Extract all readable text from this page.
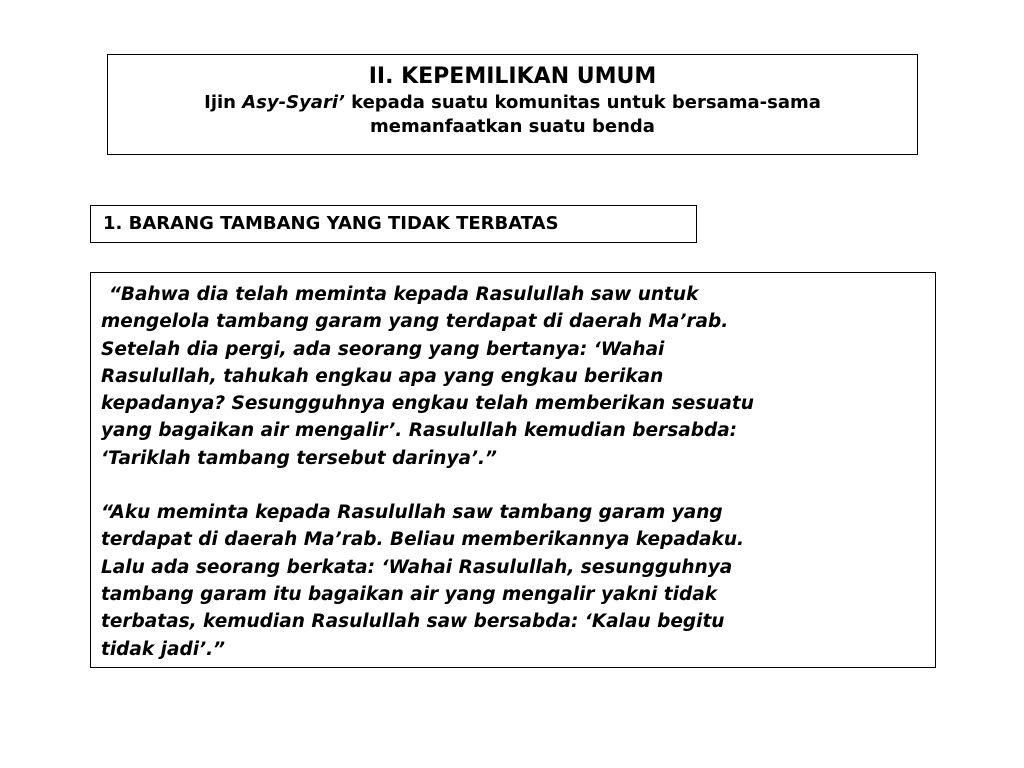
II. KEPEMILIKAN UMUM
Ijin Asy-Syari’ kepada suatu komunitas untuk bersama-sama
memanfaatkan suatu benda
1. BARANG TAMBANG YANG TIDAK TERBATAS

“Bahwa dia telah meminta kepada Rasulullah saw untuk
mengelola tambang garam yang terdapat di daerah Ma’rab.
Setelah dia pergi, ada seorang yang bertanya: ‘Wahai
Rasulullah, tahukah engkau apa yang engkau berikan
kepadanya? Sesungguhnya engkau telah memberikan sesuatu
yang bagaikan air mengalir’. Rasulullah kemudian bersabda:
‘Tariklah tambang tersebut darinya’.”

“Aku meminta kepada Rasulullah saw tambang garam yang
terdapat di daerah Ma’rab. Beliau memberikannya kepadaku.
Lalu ada seorang berkata: ‘Wahai Rasulullah, sesungguhnya
tambang garam itu bagaikan air yang mengalir yakni tidak
terbatas, kemudian Rasulullah saw bersabda: ‘Kalau begitu
tidak jadi’.”
